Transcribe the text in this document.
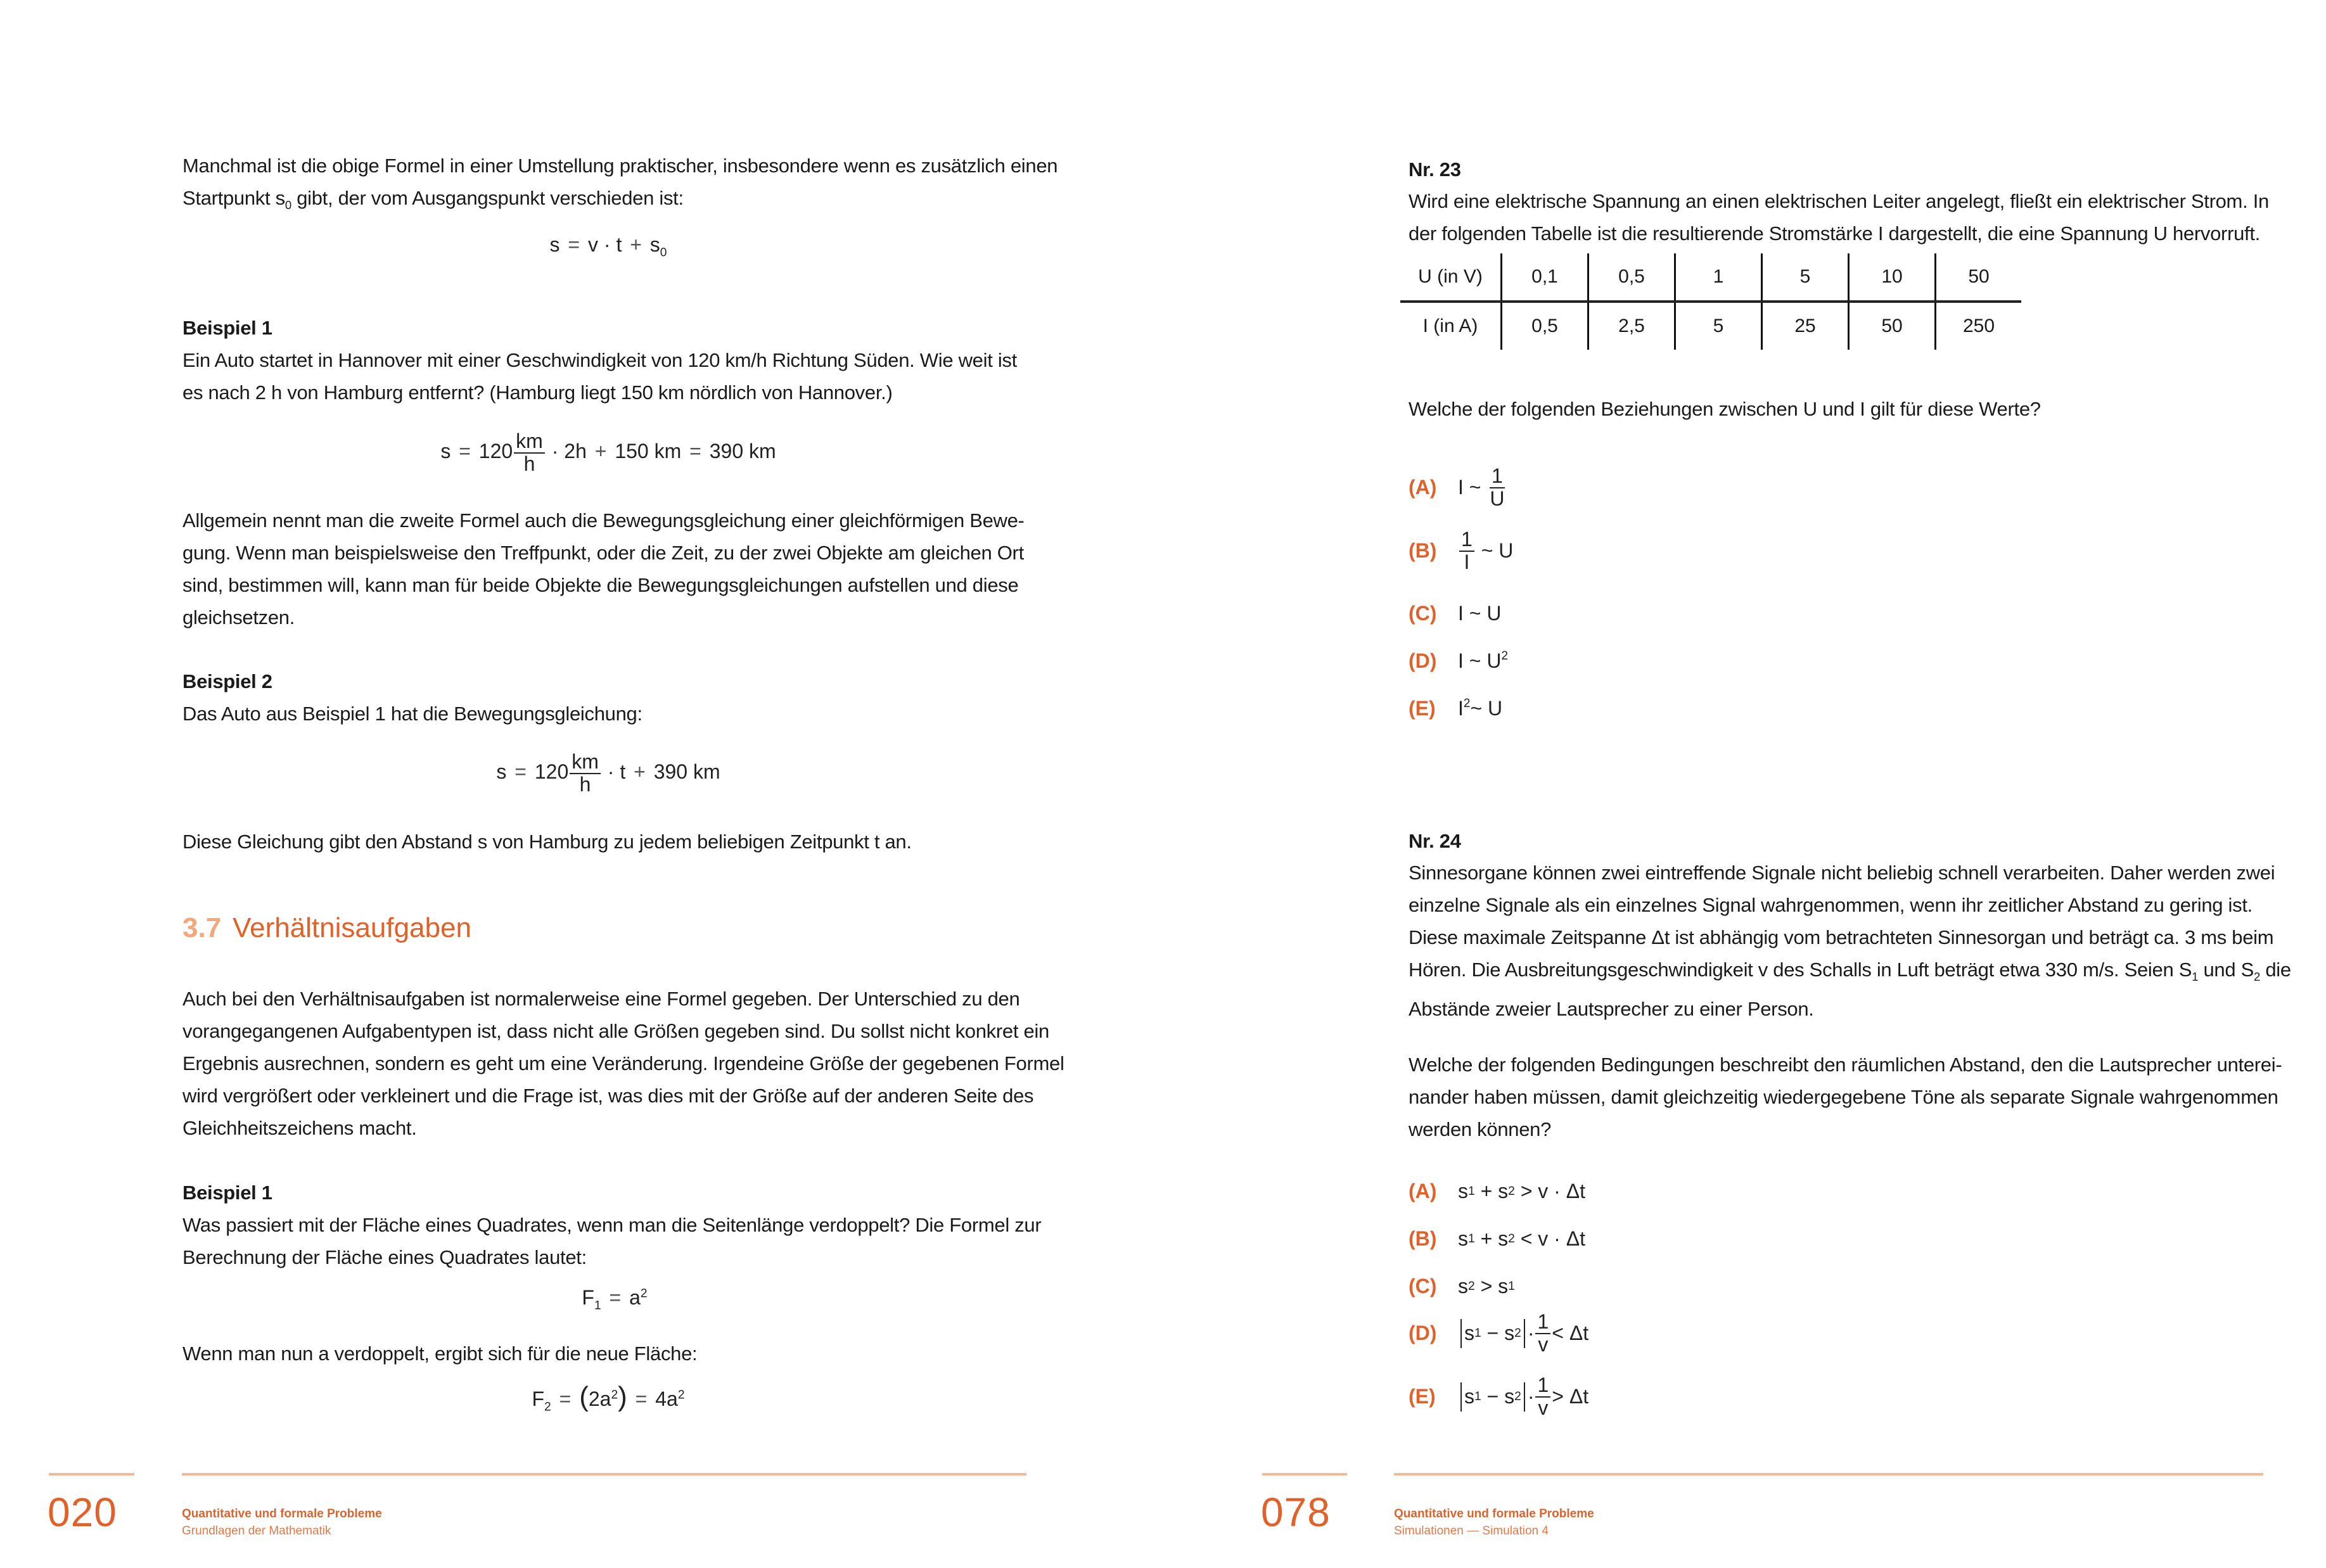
Manchmal ist die obige Formel in einer Umstellung praktischer, insbesondere wenn es zusätzlich einen
Startpunkt $s_0$ gibt, der vom Ausgangspunkt verschieden ist:

$s = v \cdot t + s_0$

Beispiel 1

Ein Auto startet in Hannover mit einer Geschwindigkeit von 120 km/h Richtung Süden. Wie weit ist
es nach 2 h von Hamburg entfernt? (Hamburg liegt 150 km nördlich von Hannover.)

$s = 120 \frac{km}{h} \cdot 2h + 150$ km = 390 km

Allgemein nennt man die zweite Formel auch die Bewegungsgleichung einer gleichförmigen Bewe-
gung. Wenn man beispielsweise den Treffpunkt, oder die Zeit, zu der zwei Objekte am gleichen Ort
sind, bestimmen will, kann man für beide Objekte die Bewegungsgleichungen aufstellen und diese
gleichsetzen.

Beispiel 2

Das Auto aus Beispiel 1 hat die Bewegungsgleichung:

$s = 120 \frac{km}{h} \cdot t + 390$ km

Diese Gleichung gibt den Abstand s von Hamburg zu jedem beliebigen Zeitpunkt t an.

3.7 Verhältnisaufgaben

Auch bei den Verhältnisaufgaben ist normalerweise eine Formel gegeben. Der Unterschied zu den
vorangegangenen Aufgabentypen ist, dass nicht alle Größen gegeben sind. Du sollst nicht konkret ein
Ergebnis ausrechnen, sondern es geht um eine Veränderung. Irgendeine Größe der gegebenen Formel
wird vergrößert oder verkleinert und die Frage ist, was dies mit der Größe auf der anderen Seite des
Gleichheitszeichens macht.

Beispiel 1

Was passiert mit der Fläche eines Quadrates, wenn man die Seitenlänge verdoppelt? Die Formel zur
Berechnung der Fläche eines Quadrates lautet:

$F_1 = a^2$

Wenn man nun a verdoppelt, ergibt sich für die neue Fläche:

$F_2 = (2a^2) = 4a^2$
020	Quantitative und formale Probleme
Grundlagen der Mathematik

Nr. 23

Wird eine elektrische Spannung an einen elektrischen Leiter angelegt, fließt ein elektrischer Strom. In
der folgenden Tabelle ist die resultierende Stromstärke I dargestellt, die eine Spannung U hervorruft.

U (in V)	0,1	0,5	1	5	10	50
I (in A)	0,5	2,5	5	25	50	250

Welche der folgenden Beziehungen zwischen U und I gilt für diese Werte?

(A)	I
~
$\frac{1}{U}$
(B)	$\frac{1}{I}$
~
U
(C)	I ~ U
(D)	I ~ $U^2$
(E)	$I^2$ ~ U

Nr. 24

Sinnesorgane können zwei eintreffende Signale nicht beliebig schnell verarbeiten. Daher werden zwei
einzelne Signale als ein einzelnes Signal wahrgenommen, wenn ihr zeitlicher Abstand zu gering ist.
Diese maximale Zeitspanne Δt ist abhängig vom betrachteten Sinnesorgan und beträgt ca. 3 ms beim
Hören. Die Ausbreitungsgeschwindigkeit v des Schalls in Luft beträgt etwa 330 m/s. Seien $S_1$ und $S_2$ die
Abstände zweier Lautsprecher zu einer Person.

Welche der folgenden Bedingungen beschreibt den räumlichen Abstand, den die Lautsprecher unterei-
nander haben müssen, damit gleichzeitig wiedergegebene Töne als separate Signale wahrgenommen
werden können?

(A)	s 1 + s 2
>
v · Δt
(B)	s 1 + s 2
<
v · Δt
(C)	s 2 > s 1
(D)	s 1 − s $2 \cdot \frac{1}{v}$ <
Δt
(E)	s 1 − s $2 \cdot \frac{1}{v}$ >
Δt
078	Quantitative und formale Probleme
Simulationen — Simulation 4
